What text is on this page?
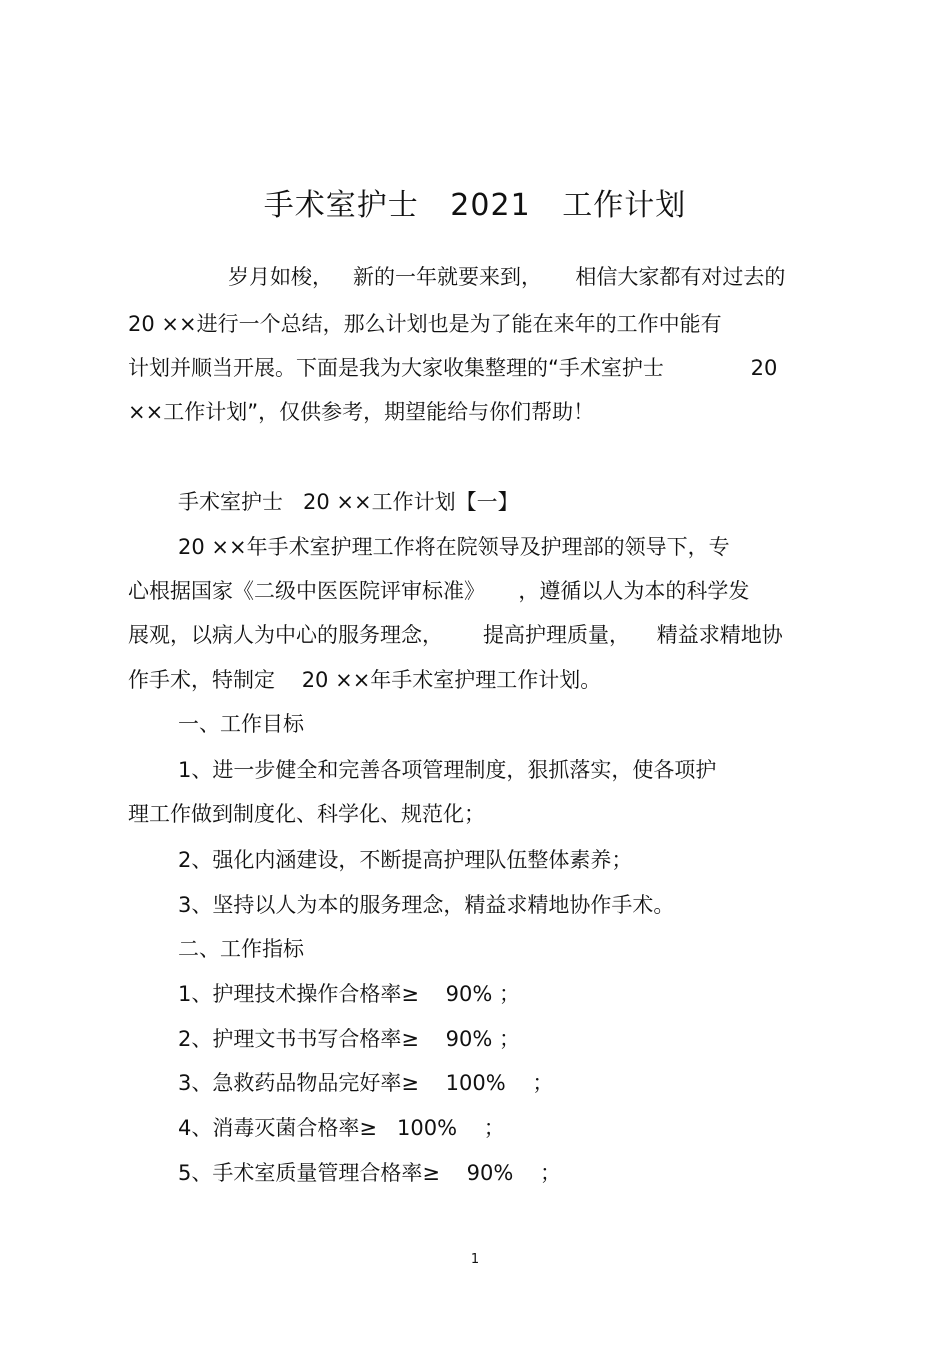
手术室护士   2021   工作计划
岁月如梭，   新的一年就要来到，     相信大家都有对过去的
20 ××进行一个总结，那么计划也是为了能在来年的工作中能有
计划并顺当开展。下面是我为大家收集整理的“手术室护士             20
××工作计划”，仅供参考，期望能给与你们帮助！
手术室护士   20 ××工作计划【一】
20 ××年手术室护理工作将在院领导及护理部的领导下，专
心根据国家《二级中医医院评审标准》     ，遵循以人为本的科学发
展观，以病人为中心的服务理念，      提高护理质量，    精益求精地协
作手术，特制定    20 ××年手术室护理工作计划。
一、工作目标
1、进一步健全和完善各项管理制度，狠抓落实，使各项护
理工作做到制度化、科学化、规范化；
2、强化内涵建设，不断提高护理队伍整体素养；
3、坚持以人为本的服务理念，精益求精地协作手术。
二、工作指标
1、护理技术操作合格率≥    90% ；
2、护理文书书写合格率≥    90% ；
3、急救药品物品完好率≥    100%    ；
4、消毒灭菌合格率≥   100%    ；
5、手术室质量管理合格率≥    90%    ；
1
